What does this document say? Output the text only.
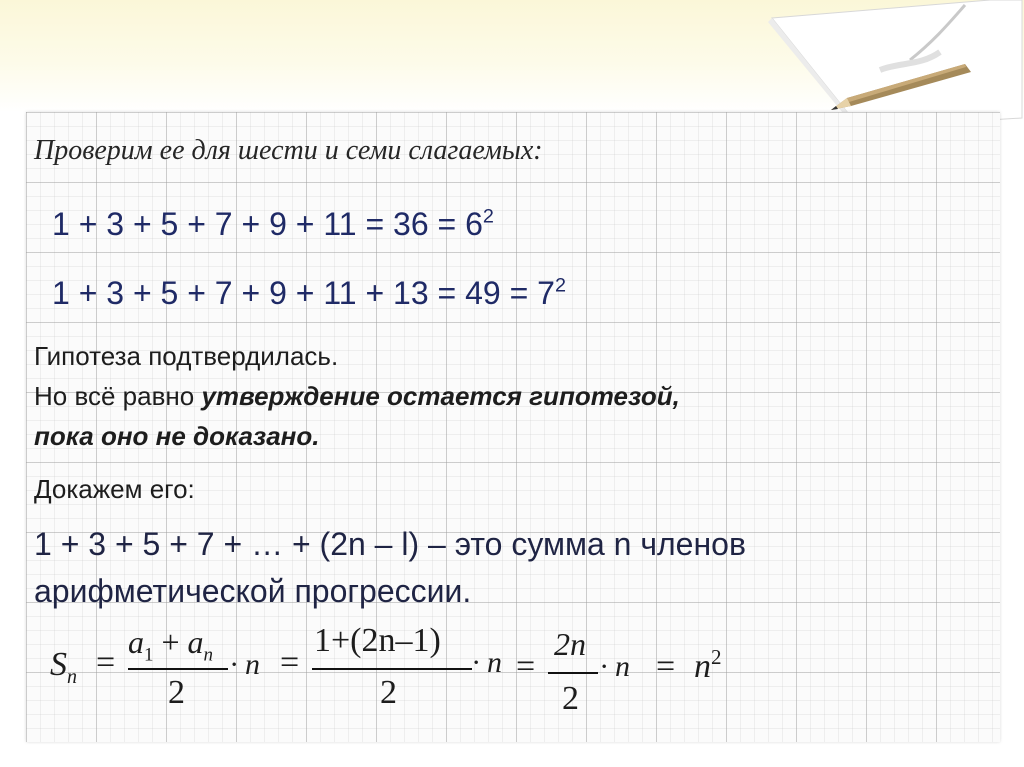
Проверим ее для шести и семи слагаемых:
$1 + 3 + 5 + 7 + 9 + 11 = 36 = 6^2$
$1 + 3 + 5 + 7 + 9 + 11 + 13 = 49 = 7^2$
Гипотеза подтвердилась.
Но всё равно утверждение остается гипотезой,
пока оно не доказано.
Докажем его:
1 + 3 + 5 + 7 + … + (2n – l) – это сумма n членов
арифметической прогрессии.
$S_n$ =
$a_1 + a_n$
2
· n =
1+(2n–1)
2
· n =
2n
2
· $n = n^2$
